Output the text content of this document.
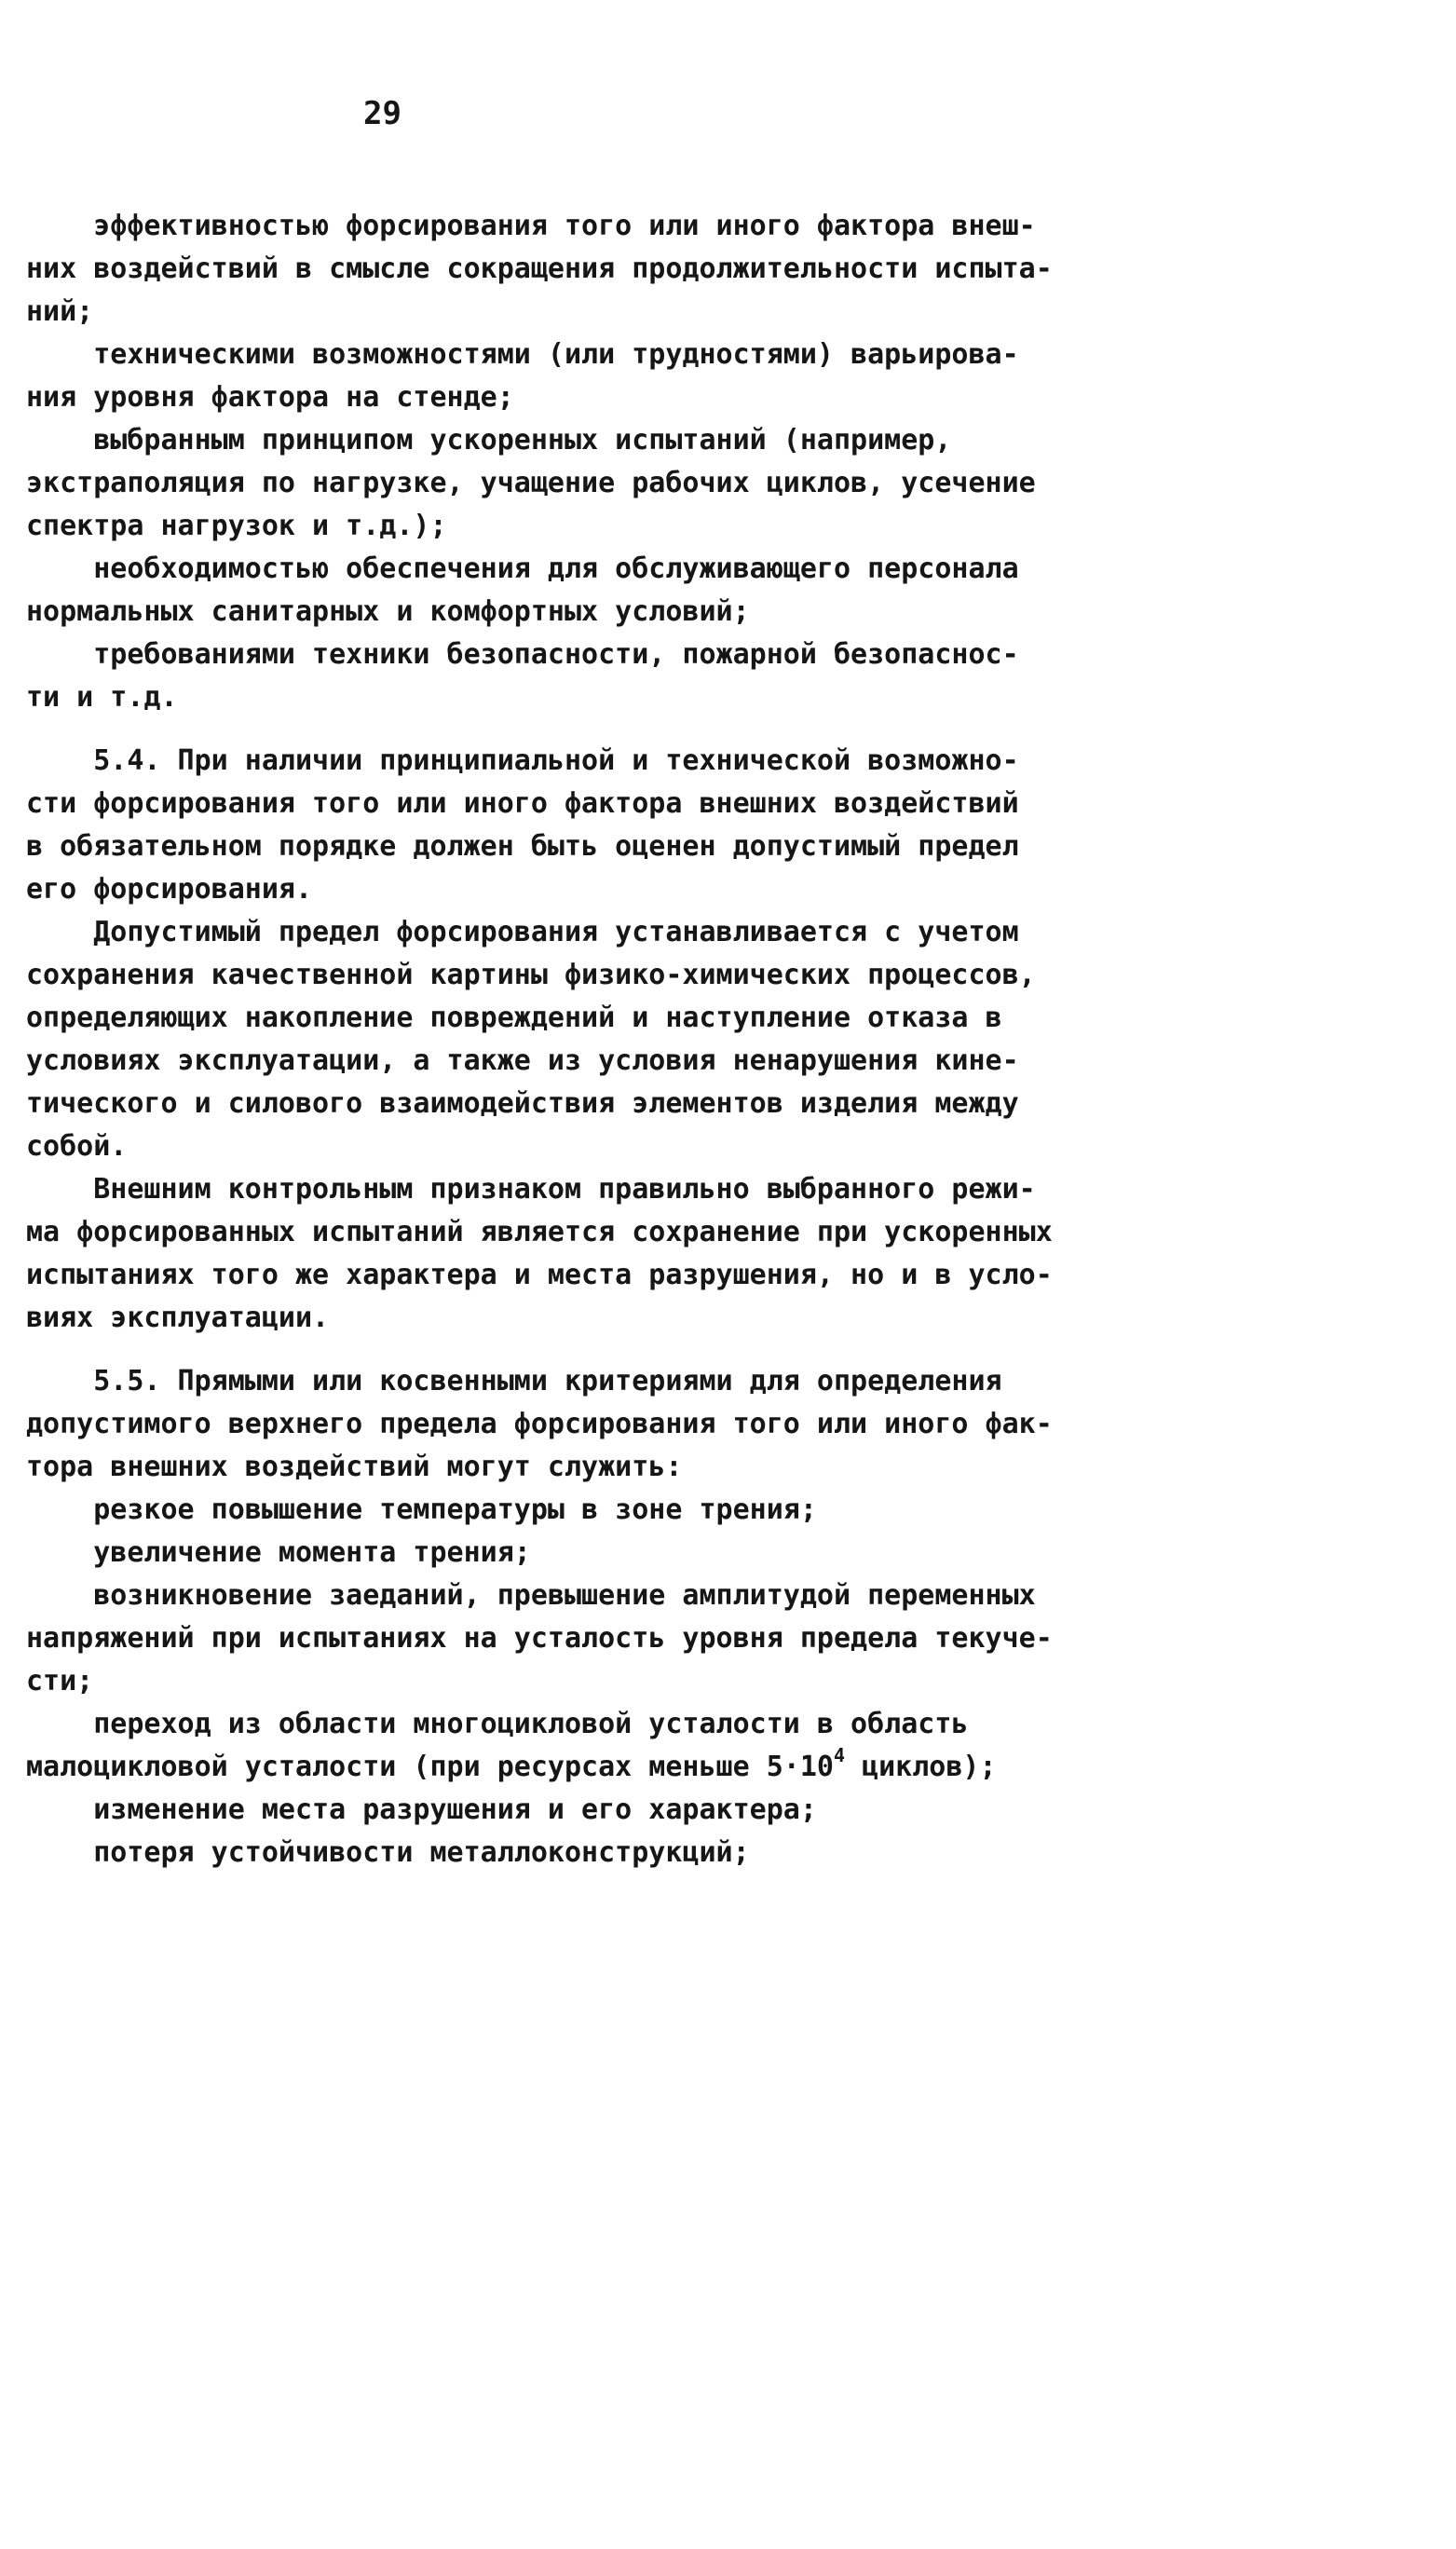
29
эффективностью форсирования того или иного фактора внеш-
них воздействий в смысле сокращения продолжительности испыта-
ний;
техническими возможностями (или трудностями) варьирова-
ния уровня фактора на стенде;
выбранным принципом ускоренных испытаний (например,
экстраполяция по нагрузке, учащение рабочих циклов, усечение
спектра нагрузок и т.д.);
необходимостью обеспечения для обслуживающего персонала
нормальных санитарных и комфортных условий;
требованиями техники безопасности, пожарной безопаснос-
ти и т.д.
5.4. При наличии принципиальной и технической возможно-
сти форсирования того или иного фактора внешних воздействий
в обязательном порядке должен быть оценен допустимый предел
его форсирования.
Допустимый предел форсирования устанавливается с учетом
сохранения качественной картины физико-химических процессов,
определяющих накопление повреждений и наступление отказа в
условиях эксплуатации, а также из условия ненарушения кине-
тического и силового взаимодействия элементов изделия между
собой.
Внешним контрольным признаком правильно выбранного режи-
ма форсированных испытаний является сохранение при ускоренных
испытаниях того же характера и места разрушения, но и в усло-
виях эксплуатации.
5.5. Прямыми или косвенными критериями для определения
допустимого верхнего предела форсирования того или иного фак-
тора внешних воздействий могут служить:
резкое повышение температуры в зоне трения;
увеличение момента трения;
возникновение заеданий, превышение амплитудой переменных
напряжений при испытаниях на усталость уровня предела текуче-
сти;
переход из области многоцикловой усталости в область
малоцикловой усталости (при ресурсах меньше $5\cdot 10^4$ циклов);
изменение места разрушения и его характера;
потеря устойчивости металлоконструкций;
